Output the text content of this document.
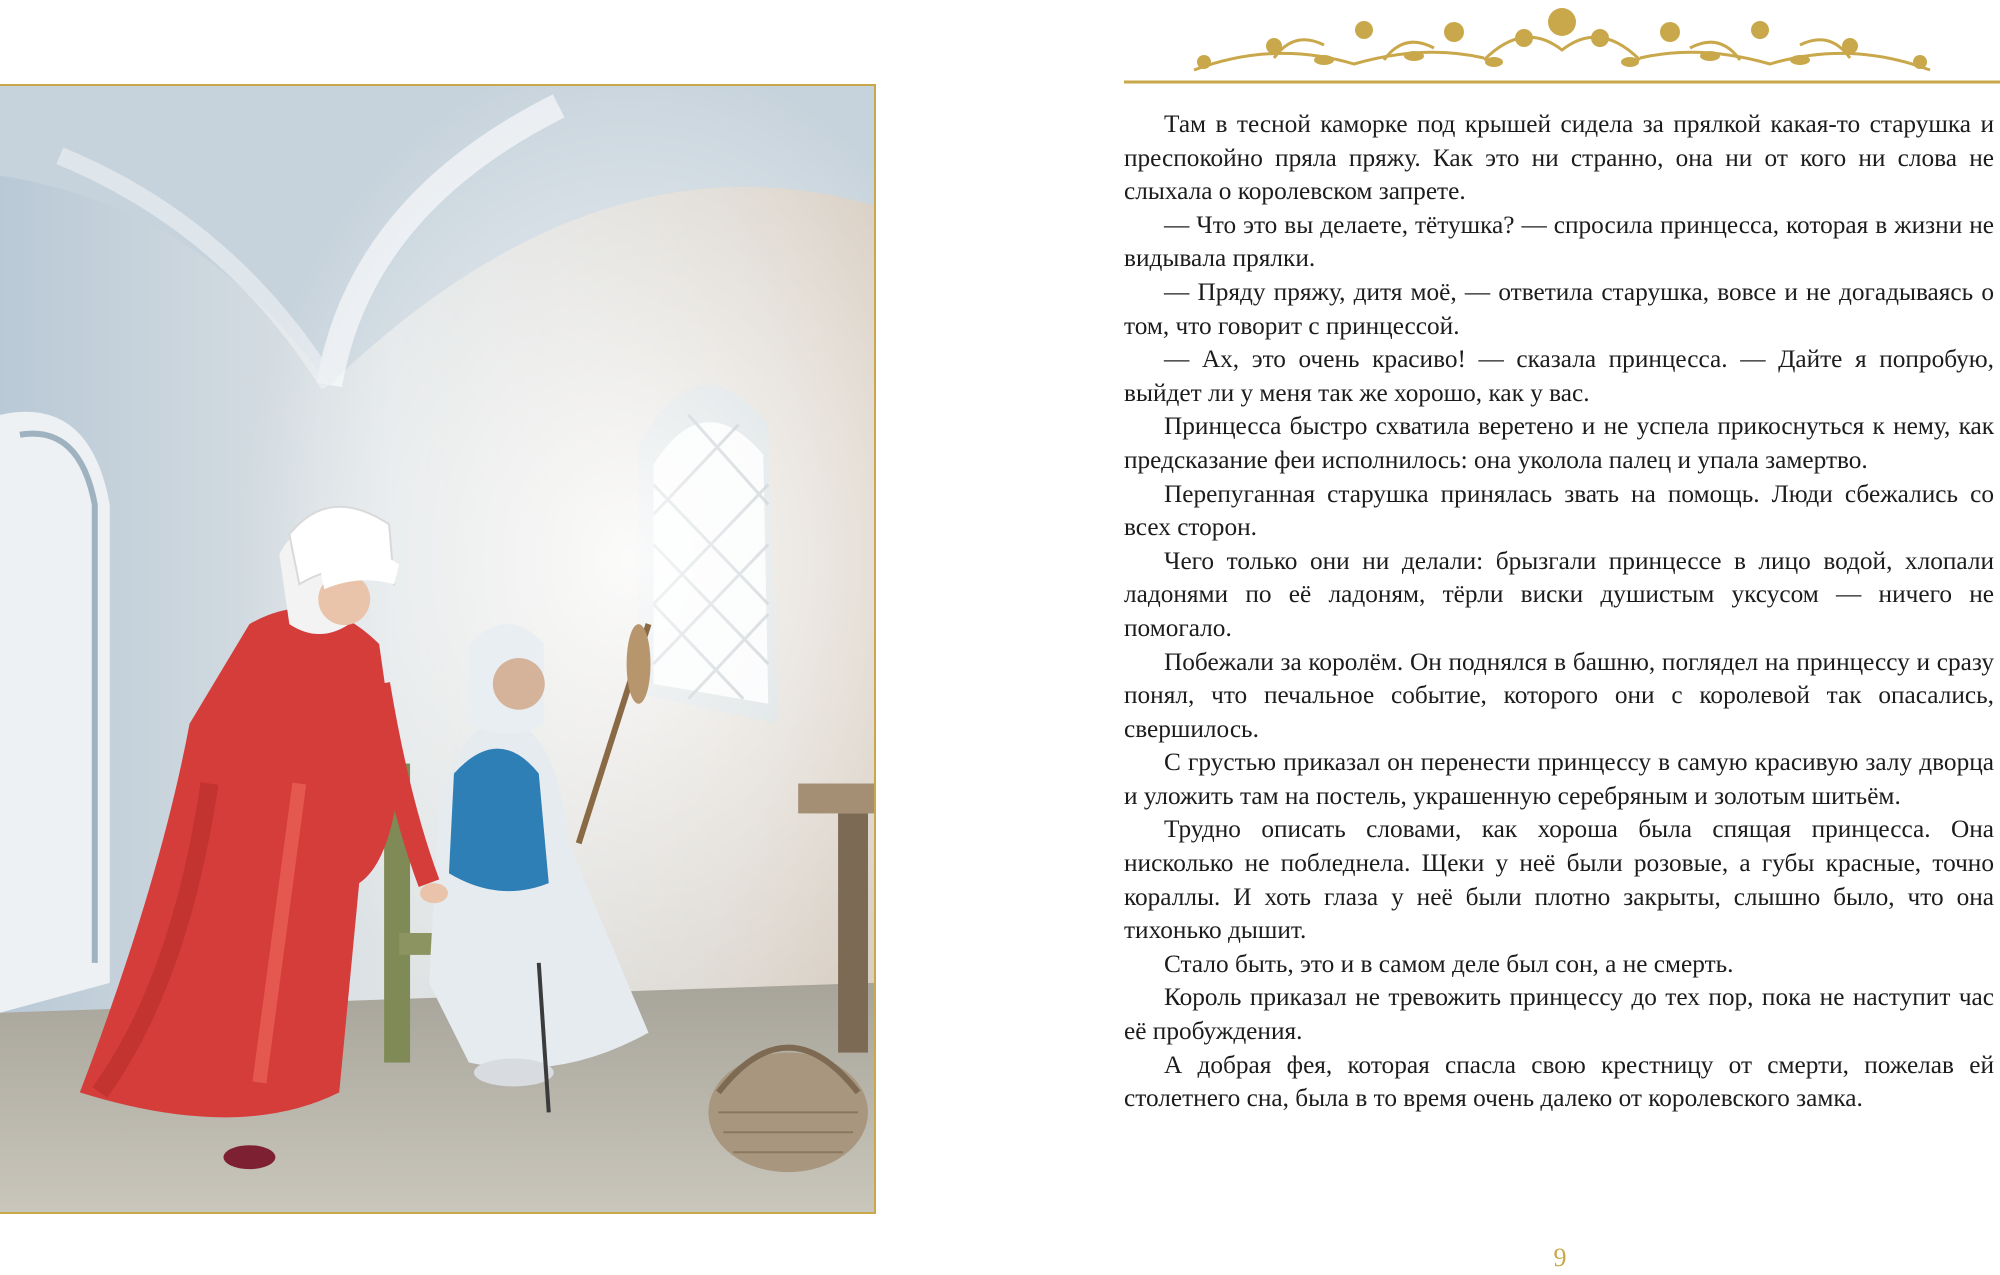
Там в тесной каморке под крышей сидела за прялкой какая-то старушка и преспокойно пряла пряжу. Как это ни странно, она ни от кого ни слова не слыхала о королевском запрете.

— Что это вы делаете, тётушка? — спросила принцесса, которая в жизни не видывала прялки.

— Пряду пряжу, дитя моё, — ответила старушка, вовсе и не догадываясь о том, что говорит с принцессой.

— Ах, это очень красиво! — сказала принцесса. — Дайте я попробую, выйдет ли у меня так же хорошо, как у вас.

Принцесса быстро схватила веретено и не успела прикоснуться к нему, как предсказание феи исполнилось: она уколола палец и упала замертво.

Перепуганная старушка принялась звать на помощь. Люди сбежались со всех сторон.

Чего только они ни делали: брызгали принцессе в лицо водой, хлопали ладонями по её ладоням, тёрли виски душистым уксусом — ничего не помогало.

Побежали за королём. Он поднялся в башню, поглядел на принцессу и сразу понял, что печальное событие, которого они с королевой так опасались, свершилось.

С грустью приказал он перенести принцессу в самую красивую залу дворца и уложить там на постель, украшенную серебряным и золотым шитьём.

Трудно описать словами, как хороша была спящая принцесса. Она нисколько не побледнела. Щеки у неё были розовые, а губы красные, точно кораллы. И хоть глаза у неё были плотно закрыты, слышно было, что она тихонько дышит.

Стало быть, это и в самом деле был сон, а не смерть.

Король приказал не тревожить принцессу до тех пор, пока не наступит час её пробуждения.

А добрая фея, которая спасла свою крестницу от смерти, пожелав ей столетнего сна, была в то время очень далеко от королевского замка.

9
